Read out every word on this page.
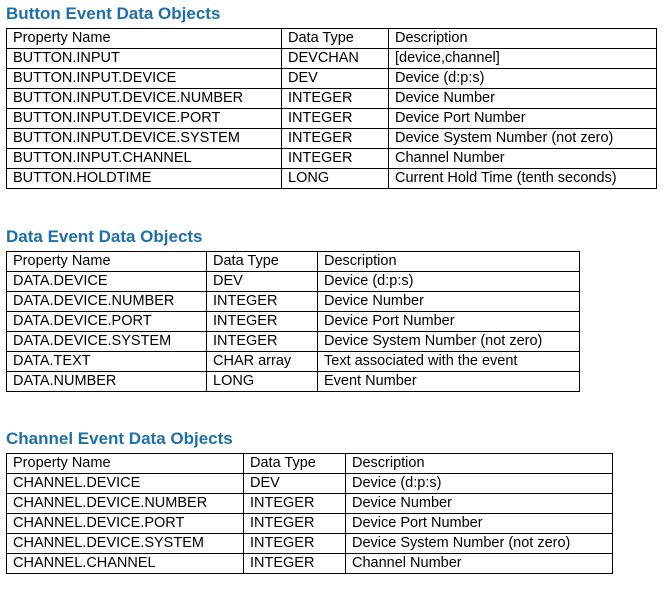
Button Event Data Objects
Property Name	Data Type	Description
BUTTON.INPUT	DEVCHAN	[device,channel]
BUTTON.INPUT.DEVICE	DEV	Device (d:p:s)
BUTTON.INPUT.DEVICE.NUMBER	INTEGER	Device Number
BUTTON.INPUT.DEVICE.PORT	INTEGER	Device Port Number
BUTTON.INPUT.DEVICE.SYSTEM	INTEGER	Device System Number (not zero)
BUTTON.INPUT.CHANNEL	INTEGER	Channel Number
BUTTON.HOLDTIME	LONG	Current Hold Time (tenth seconds)
Data Event Data Objects
Property Name	Data Type	Description
DATA.DEVICE	DEV	Device (d:p:s)
DATA.DEVICE.NUMBER	INTEGER	Device Number
DATA.DEVICE.PORT	INTEGER	Device Port Number
DATA.DEVICE.SYSTEM	INTEGER	Device System Number (not zero)
DATA.TEXT	CHAR array	Text associated with the event
DATA.NUMBER	LONG	Event Number
Channel Event Data Objects
Property Name	Data Type	Description
CHANNEL.DEVICE	DEV	Device (d:p:s)
CHANNEL.DEVICE.NUMBER	INTEGER	Device Number
CHANNEL.DEVICE.PORT	INTEGER	Device Port Number
CHANNEL.DEVICE.SYSTEM	INTEGER	Device System Number (not zero)
CHANNEL.CHANNEL	INTEGER	Channel Number
